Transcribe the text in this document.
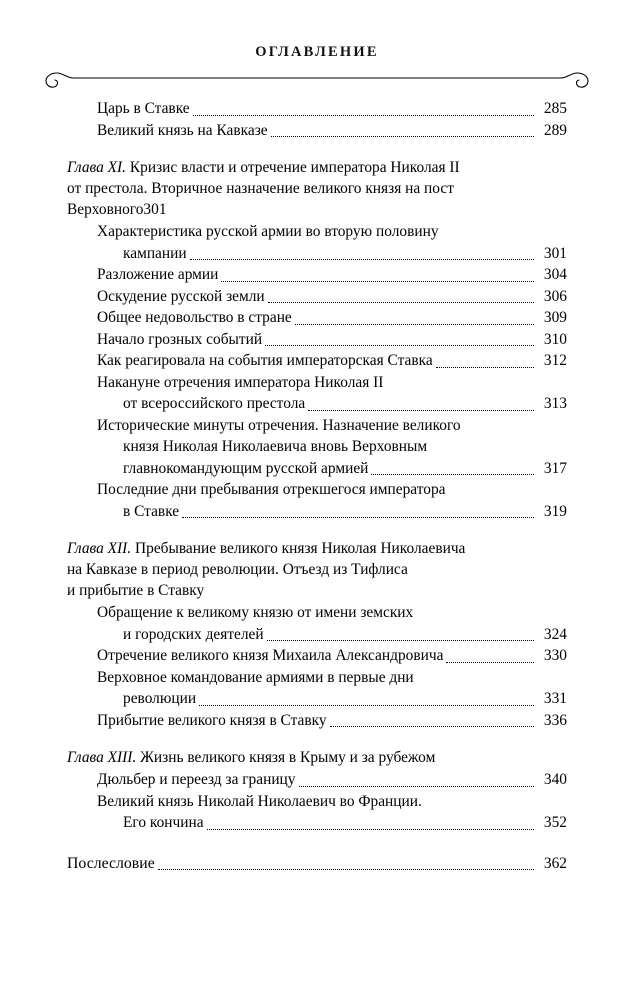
ОГЛАВЛЕНИЕ
Царь в Ставке	285
Великий князь на Кавказе	289
Глава XI.
Кризис власти и отречение императора Николая II
от престола. Вторичное назначение великого князя на пост
Верховного 301
Характеристика русской армии во вторую половину
кампании	301
Разложение армии	304
Оскудение русской земли	306
Общее недовольство в стране	309
Начало грозных событий	310
Как реагировала на события императорская Ставка	312
Накануне отречения императора Николая II
от всероссийского престола	313
Исторические минуты отречения. Назначение великого
князя Николая Николаевича вновь Верховным
главнокомандующим русской армией	317
Последние дни пребывания отрекшегося императора
в Ставке	319
Глава XII.
Пребывание великого князя Николая Николаевича
на Кавказе в период революции. Отъезд из Тифлиса
и прибытие в Ставку
Обращение к великому князю от имени земских
и городских деятелей	324
Отречение великого князя Михаила Александровича	330
Верховное командование армиями в первые дни
революции	331
Прибытие великого князя в Ставку	336
Глава XIII.
Жизнь великого князя в Крыму и за рубежом
Дюльбер и переезд за границу	340
Великий князь Николай Николаевич во Франции.
Его кончина	352
Послесловие	362
